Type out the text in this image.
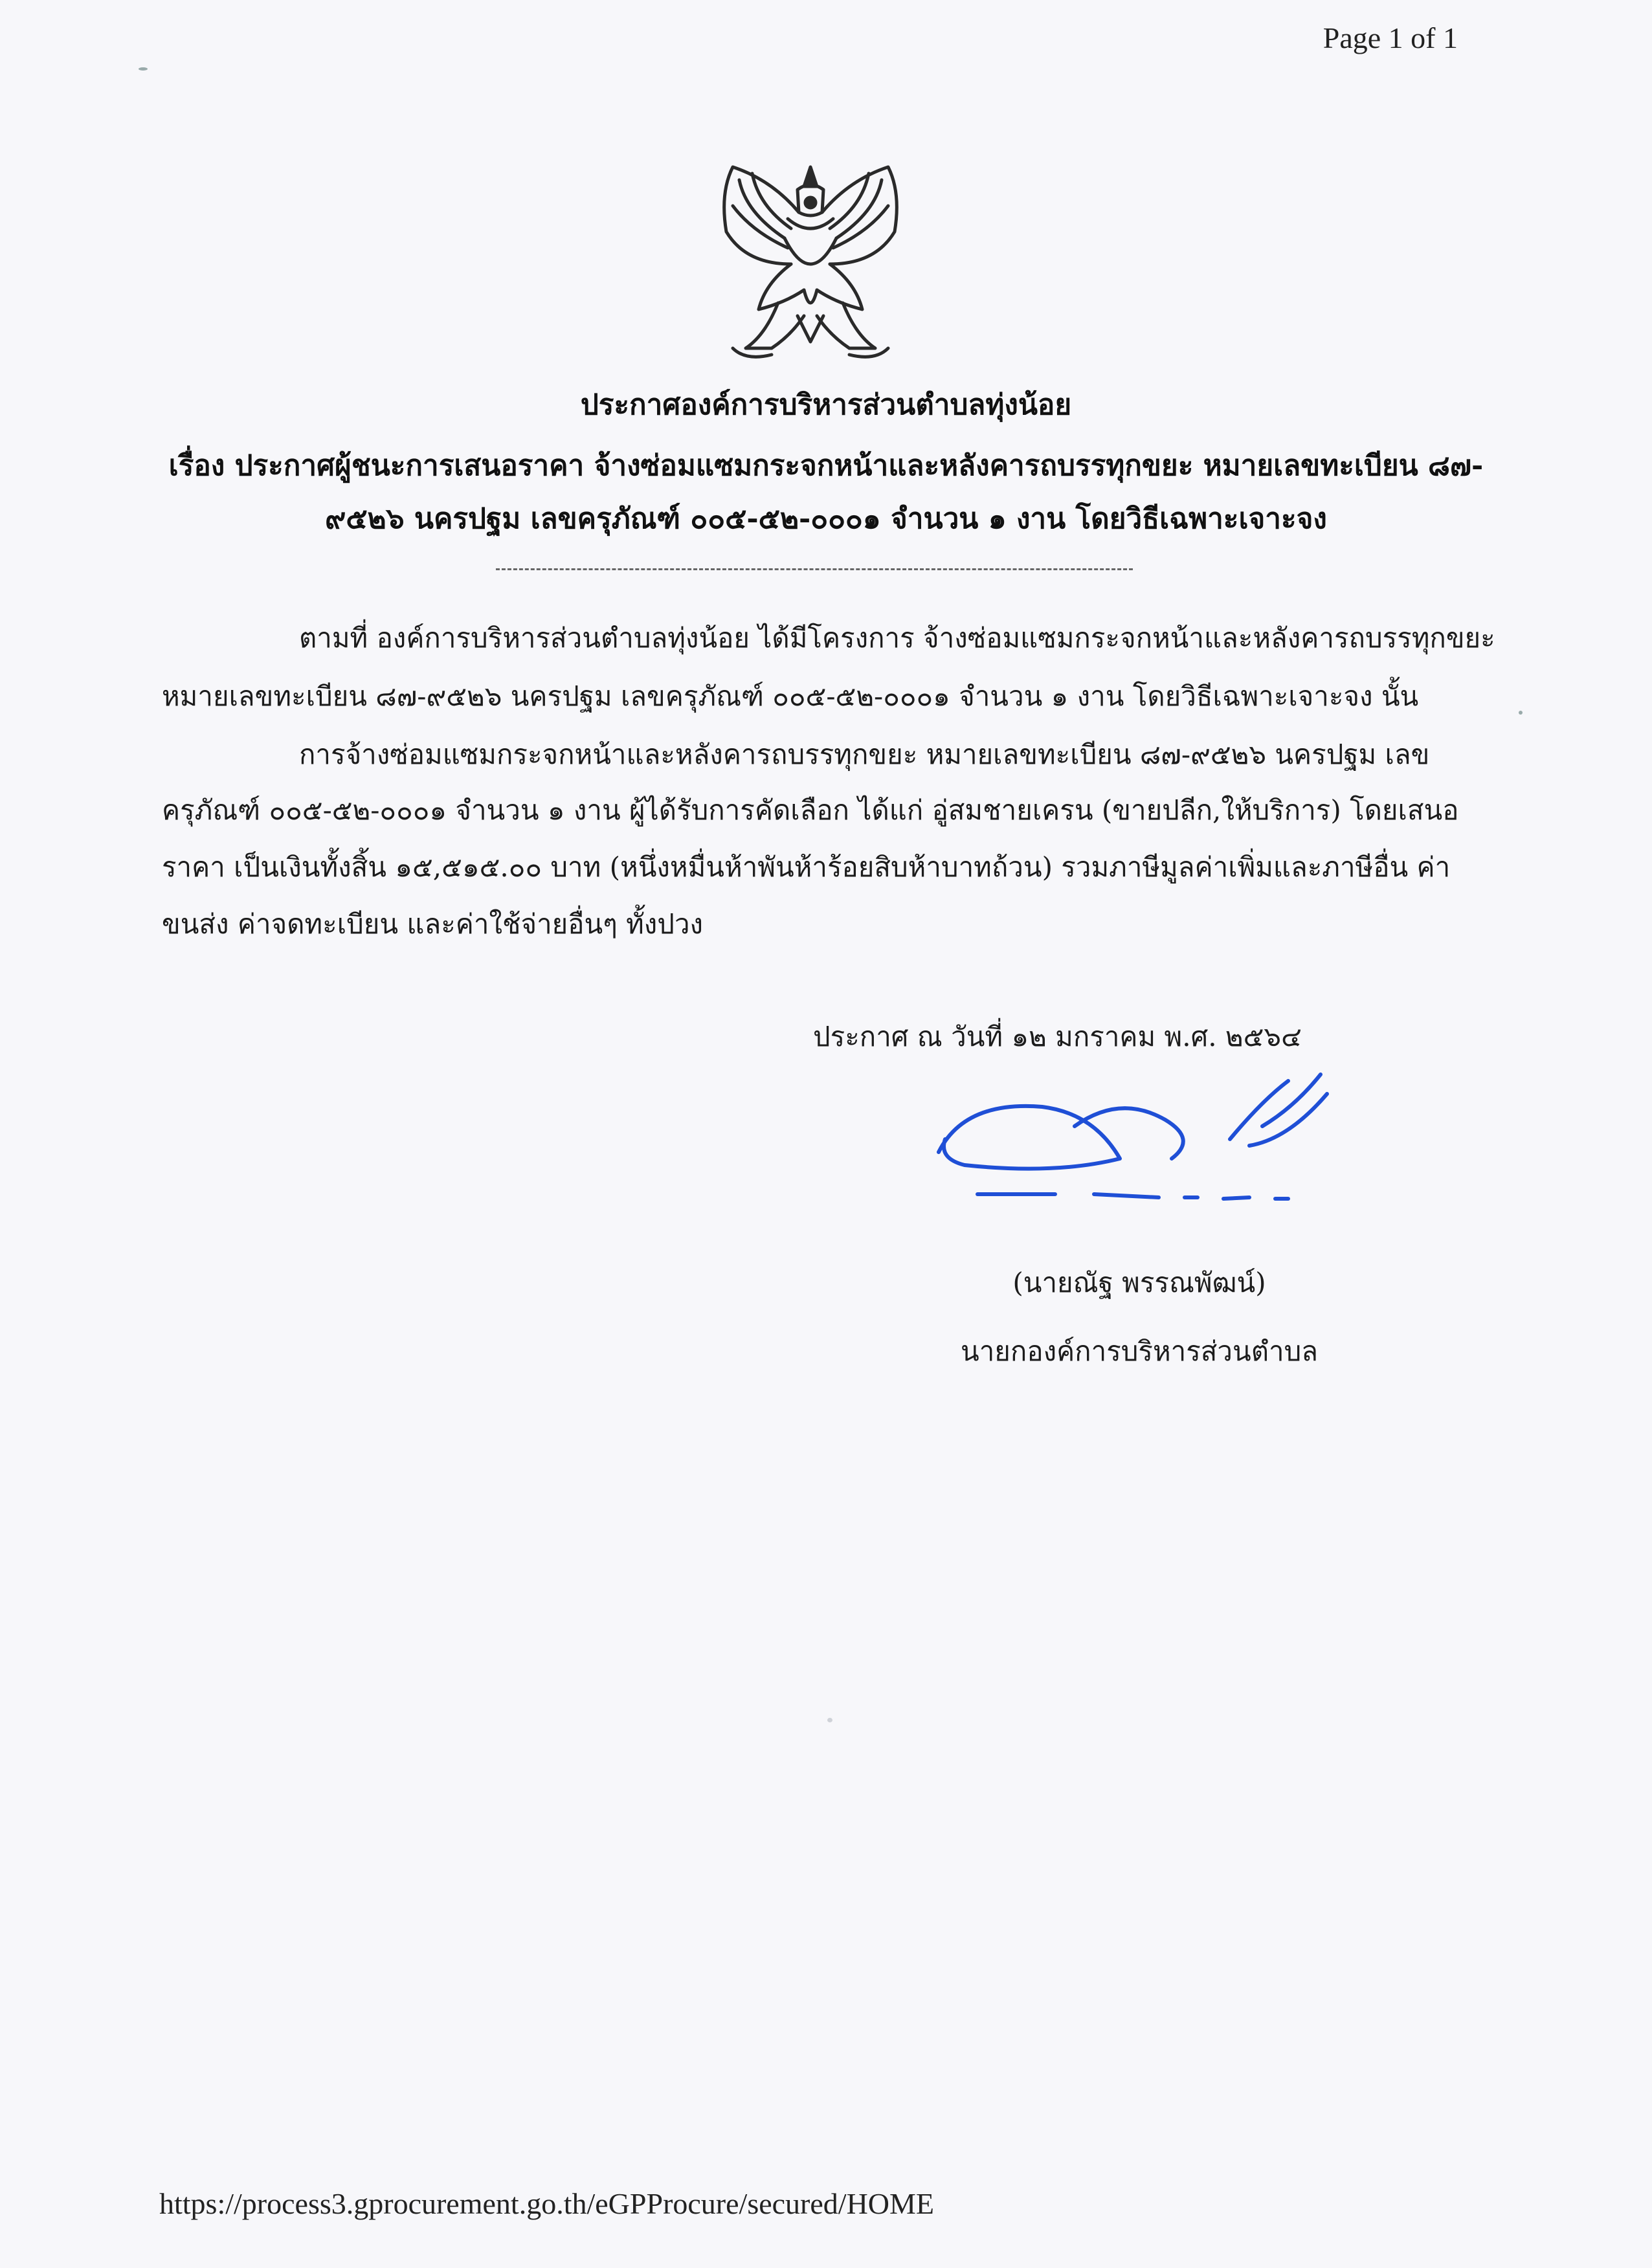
Page 1 of 1
ประกาศองค์การบริหารส่วนตำบลทุ่งน้อย
เรื่อง ประกาศผู้ชนะการเสนอราคา จ้างซ่อมแซมกระจกหน้าและหลังคารถบรรทุกขยะ หมายเลขทะเบียน ๘๗-
๙๕๒๖ นครปฐม เลขครุภัณฑ์ ๐๐๕-๕๒-๐๐๐๑ จำนวน ๑ งาน โดยวิธีเฉพาะเจาะจง
ตามที่ องค์การบริหารส่วนตำบลทุ่งน้อย ได้มีโครงการ จ้างซ่อมแซมกระจกหน้าและหลังคารถบรรทุกขยะ
หมายเลขทะเบียน ๘๗-๙๕๒๖ นครปฐม เลขครุภัณฑ์ ๐๐๕-๕๒-๐๐๐๑ จำนวน ๑ งาน โดยวิธีเฉพาะเจาะจง นั้น
การจ้างซ่อมแซมกระจกหน้าและหลังคารถบรรทุกขยะ หมายเลขทะเบียน ๘๗-๙๕๒๖ นครปฐม เลข
ครุภัณฑ์ ๐๐๕-๕๒-๐๐๐๑ จำนวน ๑ งาน ผู้ได้รับการคัดเลือก ได้แก่ อู่สมชายเครน (ขายปลีก,ให้บริการ) โดยเสนอ
ราคา เป็นเงินทั้งสิ้น ๑๕,๕๑๕.๐๐ บาท (หนึ่งหมื่นห้าพันห้าร้อยสิบห้าบาทถ้วน) รวมภาษีมูลค่าเพิ่มและภาษีอื่น ค่า
ขนส่ง ค่าจดทะเบียน และค่าใช้จ่ายอื่นๆ ทั้งปวง
ประกาศ ณ วันที่ ๑๒ มกราคม พ.ศ. ๒๕๖๔
(นายณัฐ พรรณพัฒน์)
นายกองค์การบริหารส่วนตำบล
https://process3.gprocurement.go.th/eGPProcure/secured/HOME
